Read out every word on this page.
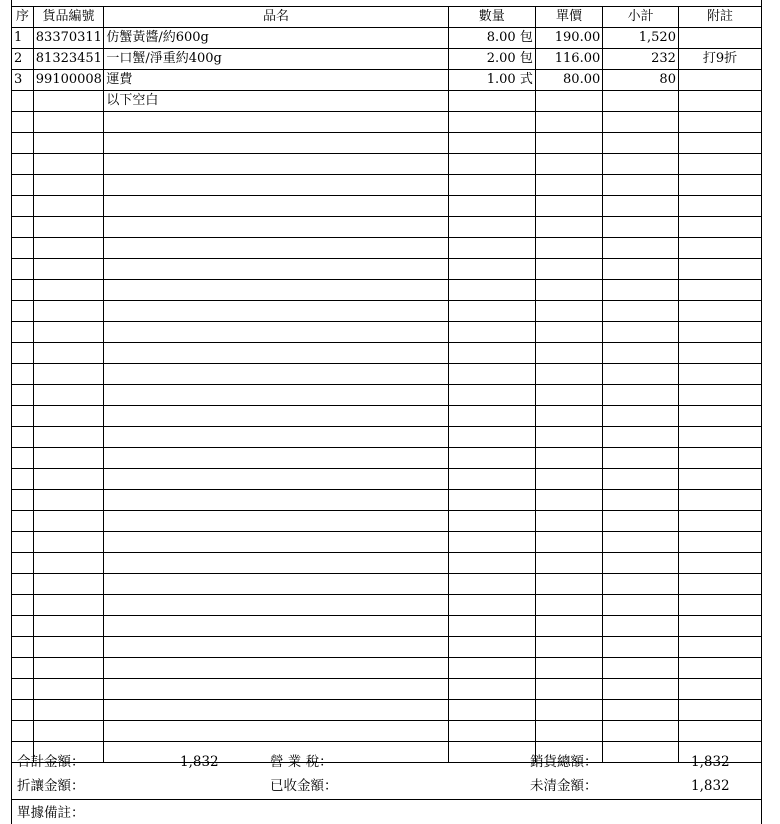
序	貨品編號	品名	數量	單價	小計	附註
1	83370311	仿蟹黃醬/約600g	8.00 包	190.00	1,520	
2	81323451	一口蟹/淨重約400g	2.00 包	116.00	232	打9折
3	99100008	運費	1.00 式	80.00	80	
		以下空白				

合計金額：	1,832	營 業 稅：	銷貨總額：	1,832
折讓金額：	已收金額：	未清金額：	1,832
單據備註：
